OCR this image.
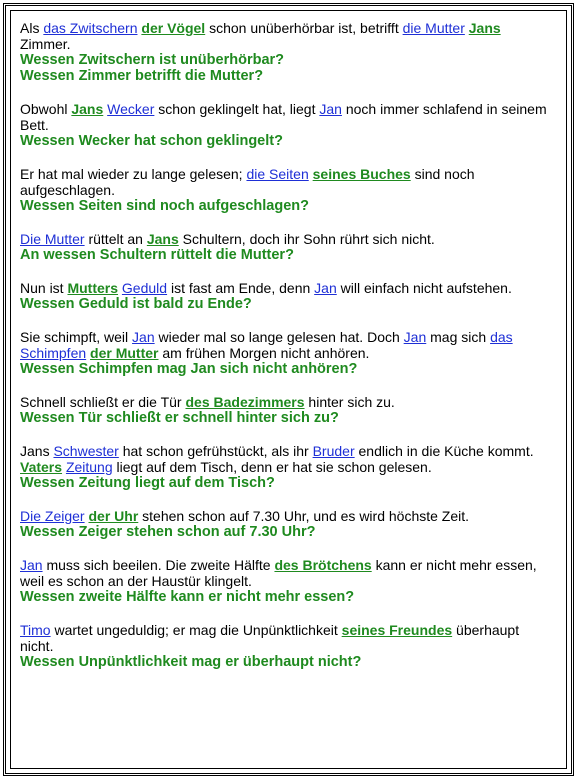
Als das Zwitschern der Vögel schon unüberhörbar ist, betrifft die Mutter Jans Zimmer.

Wessen Zwitschern ist unüberhörbar?

Wessen Zimmer betrifft die Mutter?

Obwohl Jans Wecker schon geklingelt hat, liegt Jan noch immer schlafend in seinem Bett.

Wessen Wecker hat schon geklingelt?

Er hat mal wieder zu lange gelesen; die Seiten seines Buches sind noch aufgeschlagen.

Wessen Seiten sind noch aufgeschlagen?

Die Mutter rüttelt an Jans Schultern, doch ihr Sohn rührt sich nicht.

An wessen Schultern rüttelt die Mutter?

Nun ist Mutters Geduld ist fast am Ende, denn Jan will einfach nicht aufstehen.

Wessen Geduld ist bald zu Ende?

Sie schimpft, weil Jan wieder mal so lange gelesen hat. Doch Jan mag sich das Schimpfen der Mutter am frühen Morgen nicht anhören.

Wessen Schimpfen mag Jan sich nicht anhören?

Schnell schließt er die Tür des Badezimmers hinter sich zu.

Wessen Tür schließt er schnell hinter sich zu?

Jans Schwester hat schon gefrühstückt, als ihr Bruder endlich in die Küche kommt. Vaters Zeitung liegt auf dem Tisch, denn er hat sie schon gelesen.

Wessen Zeitung liegt auf dem Tisch?

Die Zeiger der Uhr stehen schon auf 7.30 Uhr, und es wird höchste Zeit.

Wessen Zeiger stehen schon auf 7.30 Uhr?

Jan muss sich beeilen. Die zweite Hälfte des Brötchens kann er nicht mehr essen, weil es schon an der Haustür klingelt.

Wessen zweite Hälfte kann er nicht mehr essen?

Timo wartet ungeduldig; er mag die Unpünktlichkeit seines Freundes überhaupt nicht.

Wessen Unpünktlichkeit mag er überhaupt nicht?
